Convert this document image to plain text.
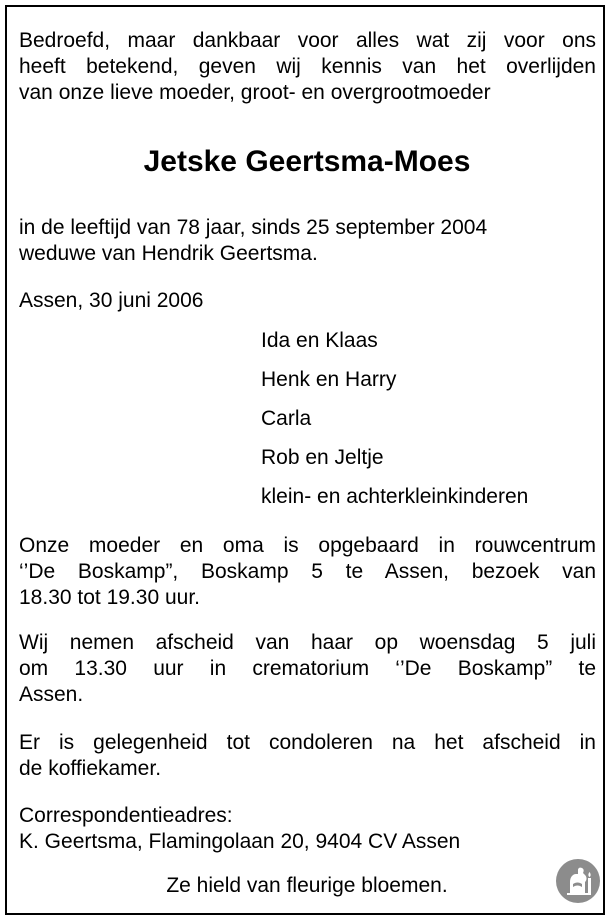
Bedroefd, maar dankbaar voor alles wat zij voor ons
heeft betekend, geven wij kennis van het overlijden
van onze lieve moeder, groot- en overgrootmoeder
Jetske Geertsma-Moes
in de leeftijd van 78 jaar, sinds 25 september 2004
weduwe van Hendrik Geertsma.
Assen, 30 juni 2006
Ida en Klaas
Henk en Harry
Carla
Rob en Jeltje
klein- en achterkleinkinderen
Onze moeder en oma is opgebaard in rouwcentrum
‘’De Boskamp”, Boskamp 5 te Assen, bezoek van
18.30 tot 19.30 uur.
Wij nemen afscheid van haar op woensdag 5 juli
om 13.30 uur in crematorium ‘’De Boskamp” te
Assen.
Er is gelegenheid tot condoleren na het afscheid in
de koffiekamer.
Correspondentieadres:
K. Geertsma, Flamingolaan 20, 9404 CV Assen
Ze hield van fleurige bloemen.
